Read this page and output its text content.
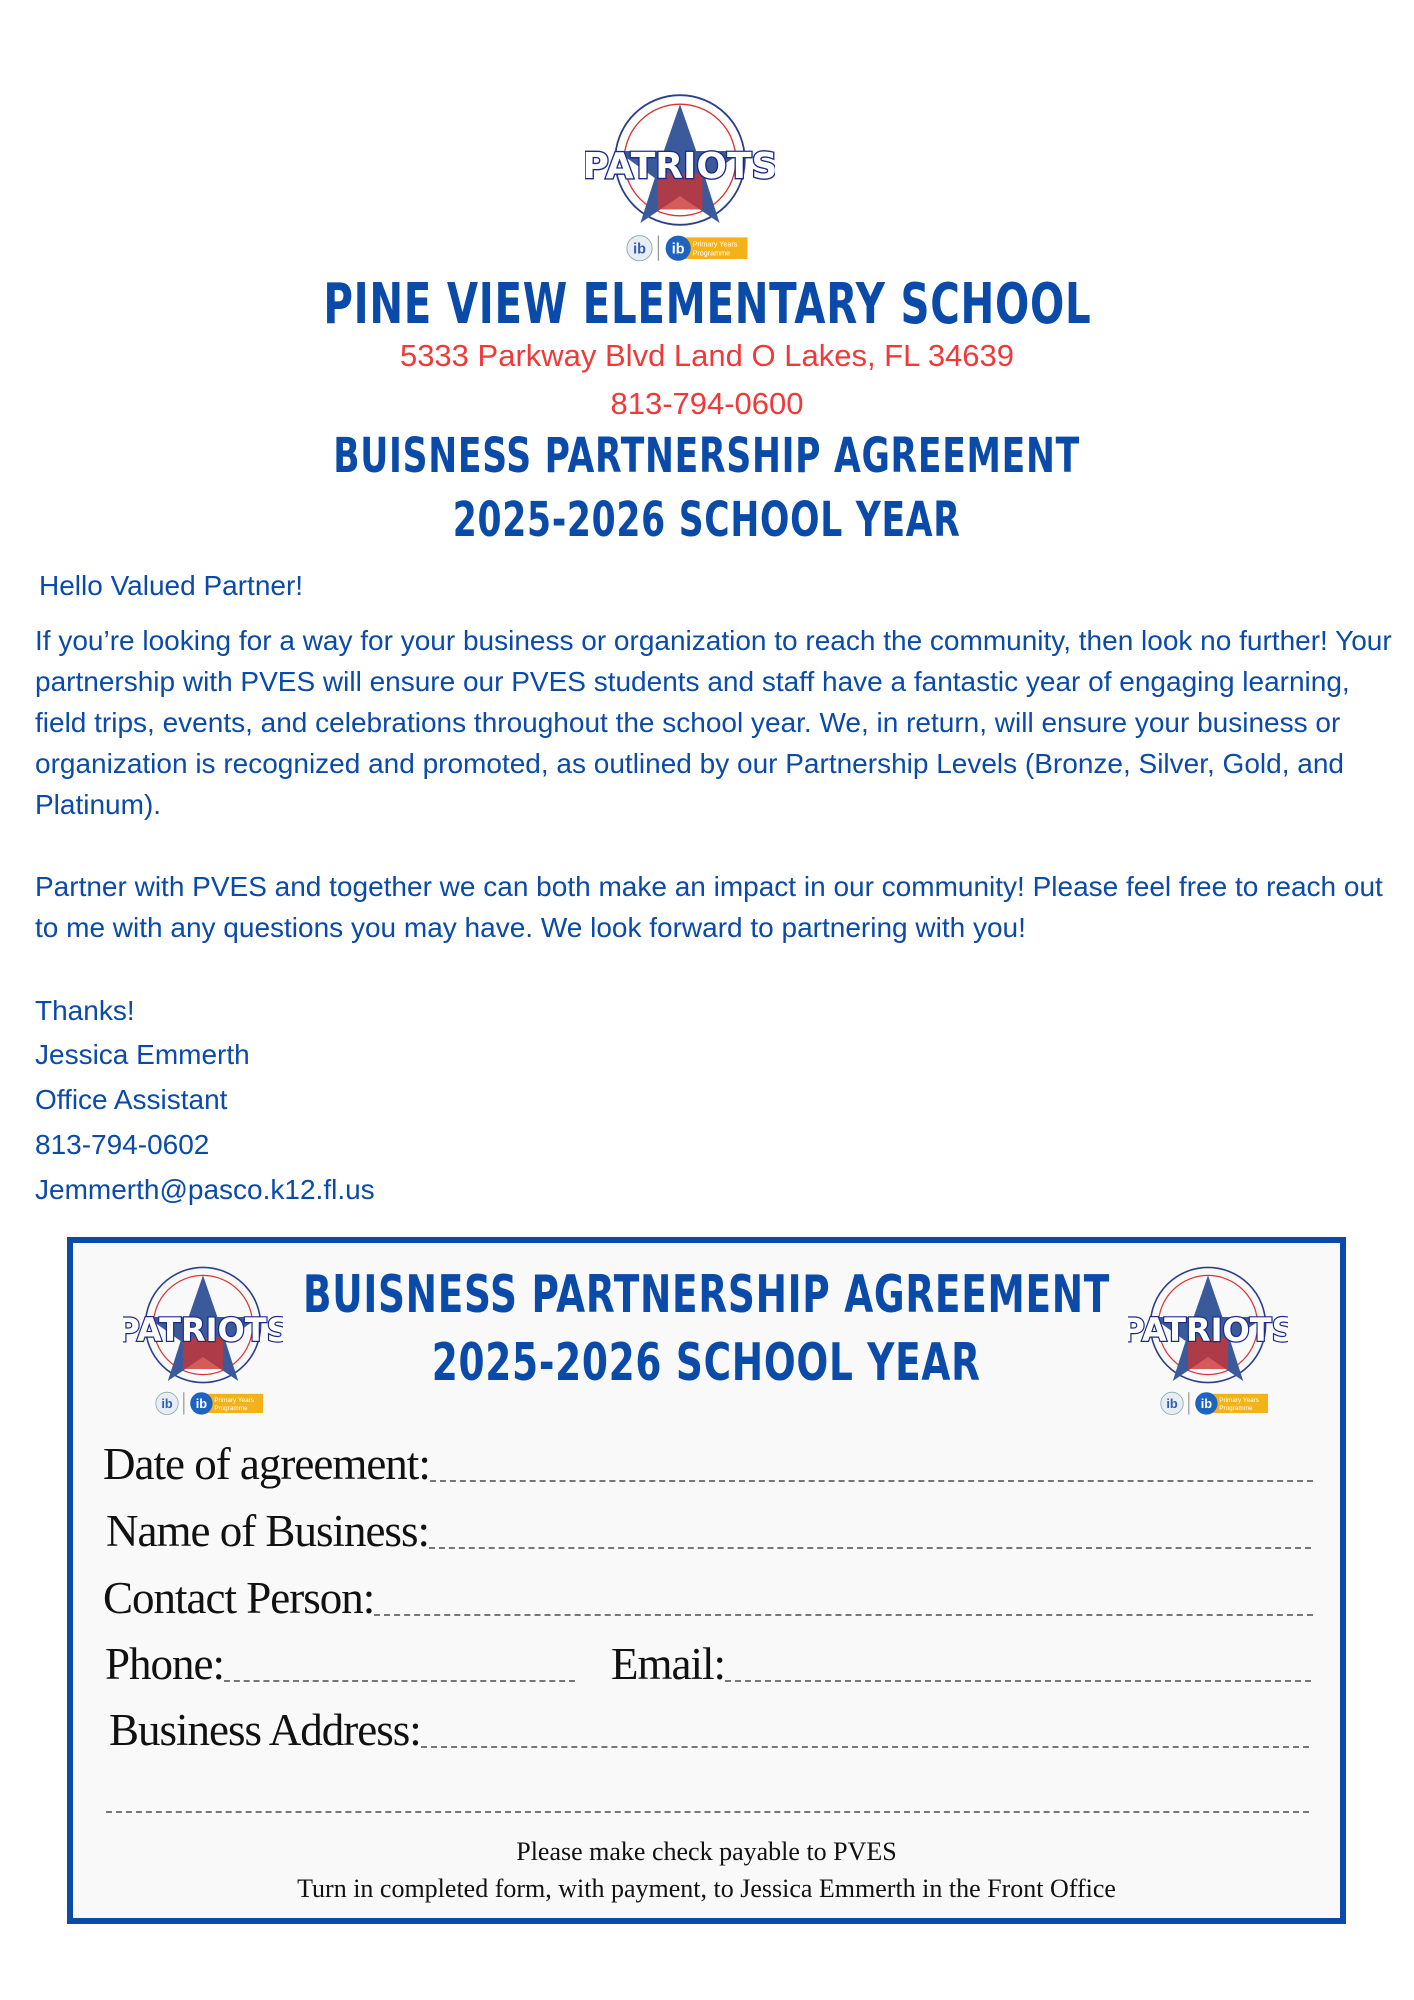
PATRIOTS
ib ib Primary Years
Programme
PINE VIEW ELEMENTARY SCHOOL
5333 Parkway Blvd Land O Lakes, FL 34639
813-794-0600
BUISNESS PARTNERSHIP AGREEMENT
2025-2026 SCHOOL YEAR
Hello Valued Partner!
If you’re looking for a way for your business or organization to reach the community, then look no further! Your partnership with PVES will ensure our PVES students and staff have a fantastic year of engaging learning, field trips, events, and celebrations throughout the school year. We, in return, will ensure your business or organization is recognized and promoted, as outlined by our Partnership Levels (Bronze, Silver, Gold, and Platinum).
Partner with PVES and together we can both make an impact in our community! Please feel free to reach out to me with any questions you may have. We look forward to partnering with you!
Thanks!
Jessica Emmerth
Office Assistant
813-794-0602
Jemmerth@pasco.k12.fl.us
PATRIOTS
ib ib Primary Years
Programme
PATRIOTS
ib ib Primary Years
Programme
BUISNESS PARTNERSHIP AGREEMENT
2025-2026 SCHOOL YEAR
Date of agreement:
Name of Business:
Contact Person:
Phone:	Email:
Business Address:
Please make check payable to PVES
Turn in completed form, with payment, to Jessica Emmerth in the Front Office
